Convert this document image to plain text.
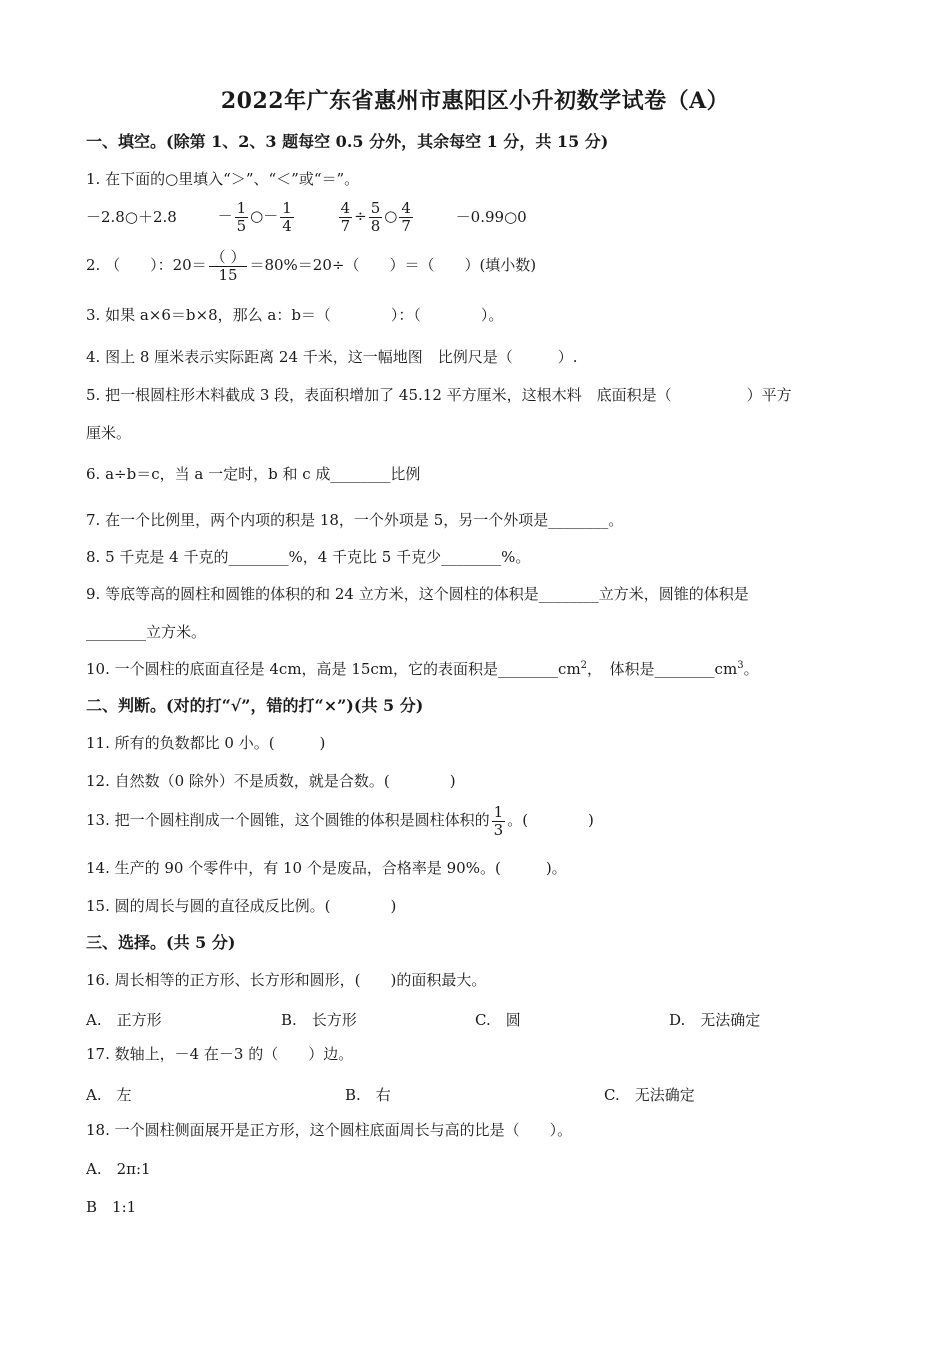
2022年广东省惠州市惠阳区小升初数学试卷（A）
一、填空。(除第 1、2、3 题每空 0.5 分外，其余每空 1 分，共 15 分)
1. 在下面的○里填入“＞”、“＜”或“＝”。
－2.8○＋2.8	－ $\frac{1}{5}$ ○－ $\frac{1}{4}$
	$\frac{4}{7} \div \frac{5}{8}$ ○ $\frac{4}{7}$	－0.99○0
2. （　　）：$20= \frac{( )}{15} =80\%=20\div$（　　）＝（　　）(填小数)
3. 如果 a×6＝b×8，那么 a：b＝（　　　　）：（　　　　）。
4. 图上 8 厘米表示实际距离 24 千米，这一幅地图　比例尺是（　　　）.
5. 把一根圆柱形木料截成 3 段，表面积增加了 45.12 平方厘米，这根木料　底面积是（　　　　　）平方
厘米。
6. a÷b＝c，当 a 一定时，b 和 c 成________比例
7. 在一个比例里，两个内项的积是 18，一个外项是 5，另一个外项是________。
8. 5 千克是 4 千克的________%，4 千克比 5 千克少________%。
9. 等底等高的圆柱和圆锥的体积的和 24 立方米，这个圆柱的体积是________立方米，圆锥的体积是
________立方米。
10. 一个圆柱的底面直径是 4cm，高是 15cm，它的表面积是$\_\_\_\_\_\_\_\_cm^2$，　体积是$\_\_\_\_\_\_\_\_cm^3$。
二、判断。(对的打“√”，错的打“×”)(共 5 分)
11. 所有的负数都比 0 小。(　　　)
12. 自然数（0 除外）不是质数，就是合数。(　　　　)
13. 把一个圆柱削成一个圆锥，这个圆锥的体积是圆柱体积的 $\frac{1}{3}$ 。(　　　　)
14. 生产的 90 个零件中，有 10 个是废品，合格率是 90%。(　　　)。
15. 圆的周长与圆的直径成反比例。(　　　　)
三、选择。(共 5 分)
16. 周长相等的正方形、长方形和圆形，(　　)的面积最大。
A.　正方形	B.　长方形	C.　圆	D.　无法确定
17. 数轴上，－4 在－3 的（　　）边。
A.　左	B.　右	C.　无法确定
18. 一个圆柱侧面展开是正方形，这个圆柱底面周长与高的比是（　　）。
A.　2π:1
B　1:1
